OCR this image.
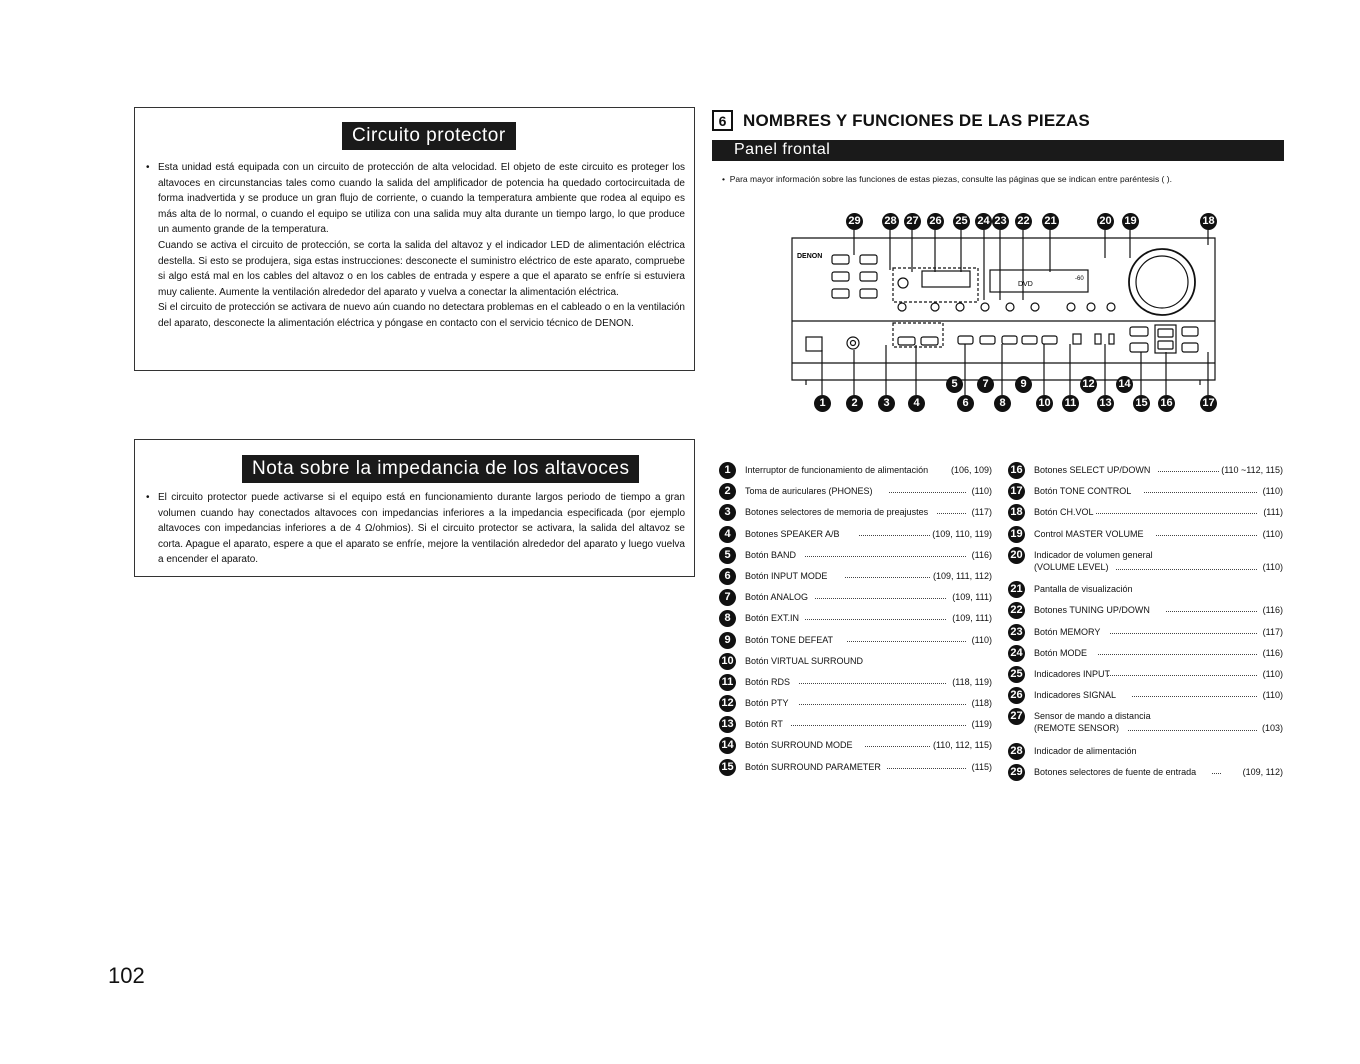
Circuito protector
• Esta unidad está equipada con un circuito de protección de alta velocidad. El objeto de este circuito es proteger los altavoces en circunstancias tales como cuando la salida del amplificador de potencia ha quedado cortocircuitada de forma inadvertida y se produce un gran flujo de corriente, o cuando la temperatura ambiente que rodea al equipo es más alta de lo normal, o cuando el equipo se utiliza con una salida muy alta durante un tiempo largo, lo que produce un aumento grande de la temperatura.

Cuando se activa el circuito de protección, se corta la salida del altavoz y el indicador LED de alimentación eléctrica destella. Si esto se produjera, siga estas instrucciones: desconecte el suministro eléctrico de este aparato, compruebe si algo está mal en los cables del altavoz o en los cables de entrada y espere a que el aparato se enfríe si estuviera muy caliente. Aumente la ventilación alrededor del aparato y vuelva a conectar la alimentación eléctrica.

Si el circuito de protección se activara de nuevo aún cuando no detectara problemas en el cableado o en la ventilación del aparato, desconecte la alimentación eléctrica y póngase en contacto con el servicio técnico de DENON.

Nota sobre la impedancia de los altavoces
• El circuito protector puede activarse si el equipo está en funcionamiento durante largos periodo de tiempo a gran volumen cuando hay conectados altavoces con impedancias inferiores a la impedancia especificada (por ejemplo altavoces con impedancias inferiores a de 4 Ω/ohmios). Si el circuito protector se activara, la salida del altavoz se corta. Apague el aparato, espere a que el aparato se enfríe, mejore la ventilación alrededor del aparato y luego vuelva a encender el aparato.

6 NOMBRES Y FUNCIONES DE LAS PIEZAS
Panel frontal
•  Para mayor información sobre las funciones de estas piezas, consulte las páginas que se indican entre paréntesis ( ).
DENON
DVD
-60
29 28 27 26 25 24 23 22 21	20 19	18
5	7	9	12 14
1	2	3	4	6	8	10 11 13 15 16	17
1	Interruptor de funcionamiento de alimentación	(106, 109)
2	Toma de auriculares (PHONES)	(110)
3	Botones selectores de memoria de preajustes	(117)
4	Botones SPEAKER A/B	(109, 110, 119)
5	Botón BAND	(116)
6	Botón INPUT MODE	(109, 111, 112)
7	Botón ANALOG	(109, 111)
8	Botón EXT.IN	(109, 111)
9	Botón TONE DEFEAT	(110)
10 Botón VIRTUAL SURROUND
11 Botón RDS	(118, 119)
12 Botón PTY	(118)
13 Botón RT	(119)
14 Botón SURROUND MODE	(110, 112, 115)
15 Botón SURROUND PARAMETER	(115)
16 Botones SELECT UP/DOWN	(110 ~112, 115)
17 Botón TONE CONTROL	(110)
18 Botón CH.VOL	(111)
19 Control MASTER VOLUME	(110)
20 Indicador de volumen general
(VOLUME LEVEL)	(110)
21 Pantalla de visualización
22 Botones TUNING UP/DOWN	(116)
23 Botón MEMORY	(117)
24 Botón MODE	(116)
25 Indicadores INPUT	(110)
26 Indicadores SIGNAL	(110)
27 Sensor de mando a distancia
(REMOTE SENSOR)	(103)
28 Indicador de alimentación
29 Botones selectores de fuente de entrada	(109, 112)
102
